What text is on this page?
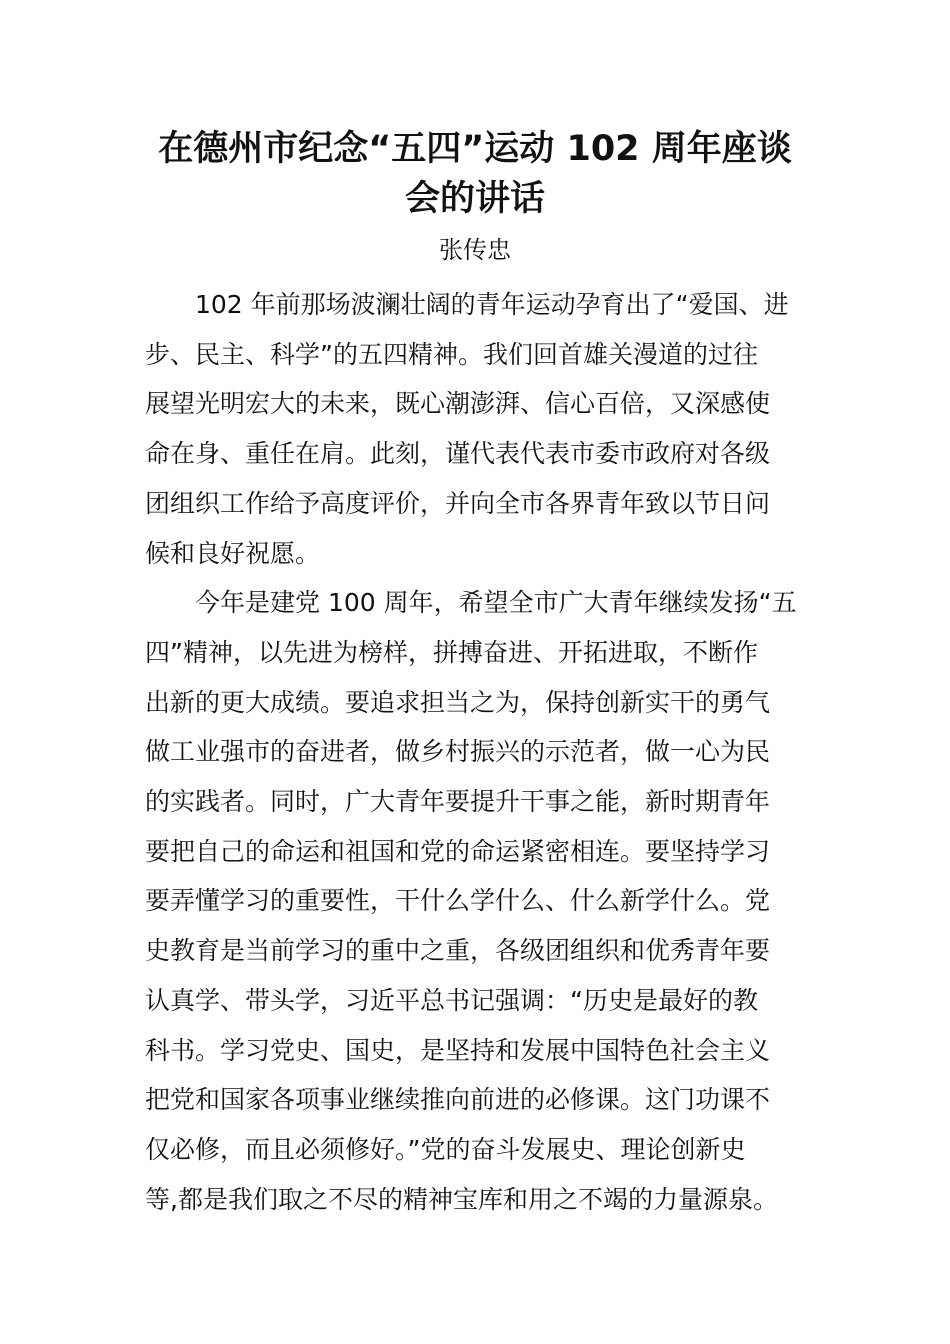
在德州市纪念“五四”运动 102 周年座谈
会的讲话
张传忠

102 年前那场波澜壮阔的青年运动孕育出了“爱国、进
步、民主、科学”的五四精神。我们回首雄关漫道的过往
展望光明宏大的未来，既心潮澎湃、信心百倍，又深感使
命在身、重任在肩。此刻，谨代表代表市委市政府对各级
团组织工作给予高度评价，并向全市各界青年致以节日问
候和良好祝愿。

今年是建党 100 周年，希望全市广大青年继续发扬“五
四”精神，以先进为榜样，拼搏奋进、开拓进取，不断作
出新的更大成绩。要追求担当之为，保持创新实干的勇气
做工业强市的奋进者，做乡村振兴的示范者，做一心为民
的实践者。同时，广大青年要提升干事之能，新时期青年
要把自己的命运和祖国和党的命运紧密相连。要坚持学习
要弄懂学习的重要性，干什么学什么、什么新学什么。党
史教育是当前学习的重中之重，各级团组织和优秀青年要
认真学、带头学，习近平总书记强调：“历史是最好的教
科书。学习党史、国史，是坚持和发展中国特色社会主义
把党和国家各项事业继续推向前进的必修课。这门功课不
仅必修，而且必须修好。”党的奋斗发展史、理论创新史
等,都是我们取之不尽的精神宝库和用之不竭的力量源泉。
